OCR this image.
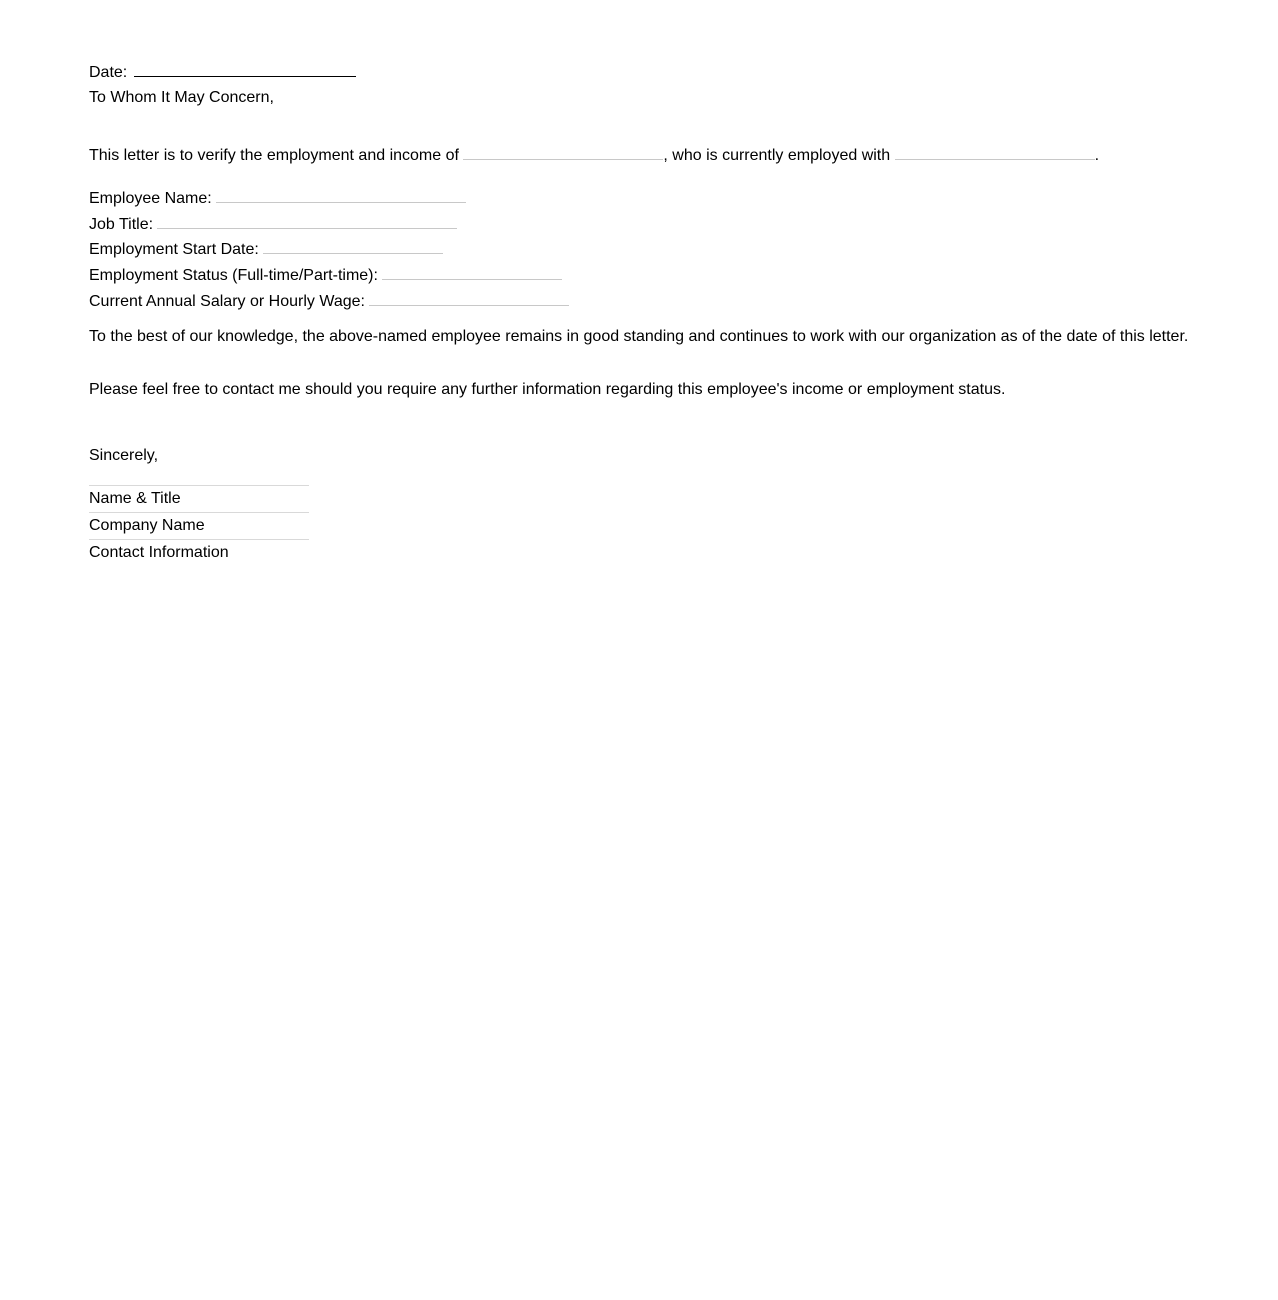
Date:
To Whom It May Concern,
This letter is to verify the employment and income of	, who is currently employed with	.
Employee Name:
Job Title:
Employment Start Date:
Employment Status (Full-time/Part-time):
Current Annual Salary or Hourly Wage:
To the best of our knowledge, the above-named employee remains in good standing and continues to work with our organization as of the date of this letter.
Please feel free to contact me should you require any further information regarding this employee's income or employment status.
Sincerely,
Name & Title
Company Name
Contact Information
